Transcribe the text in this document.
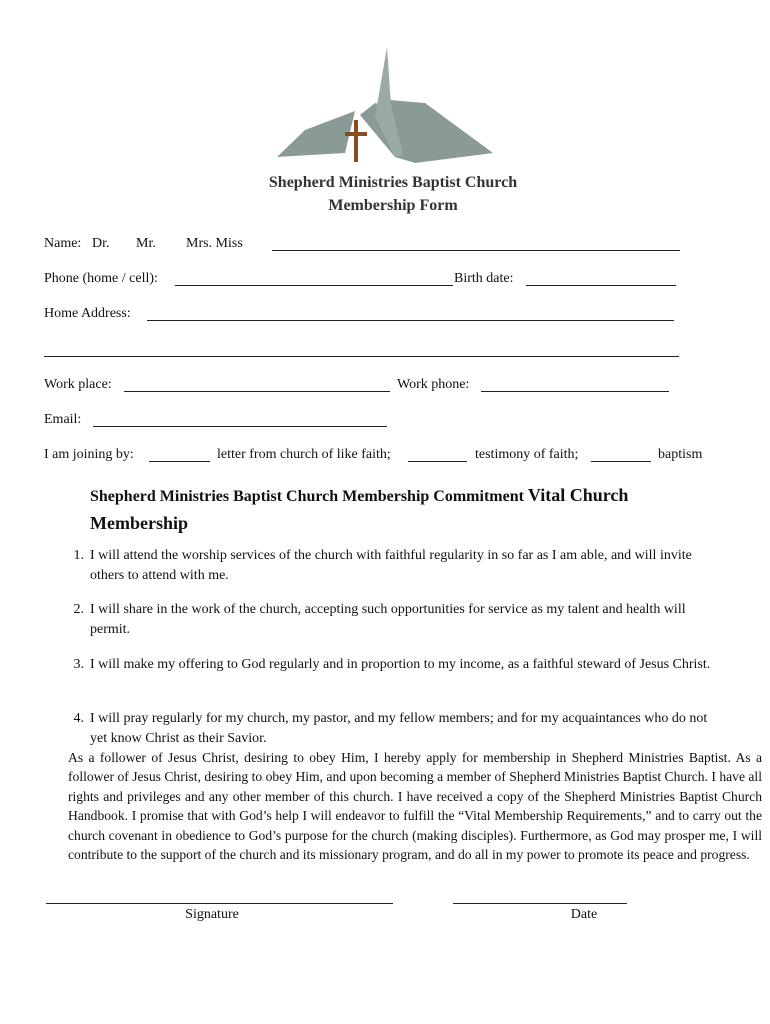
Shepherd Ministries Baptist Church
Membership Form
Name: Dr. Mr. Mrs. Miss
Phone (home / cell):	Birth date:
Home Address:
Work place:	Work phone:
Email:
I am joining by:	letter from church of like faith;	testimony of faith;	baptism
Shepherd Ministries Baptist Church Membership Commitment Vital Church
Membership
1. I will attend the worship services of the church with faithful regularity in so far as I am able, and will invite others to attend with me.
2. I will share in the work of the church, accepting such opportunities for service as my talent and health will permit.
3. I will make my offering to God regularly and in proportion to my income, as a faithful steward of Jesus Christ.
4. I will pray regularly for my church, my pastor, and my fellow members; and for my acquaintances who do not yet know Christ as their Savior.
As a follower of Jesus Christ, desiring to obey Him, I hereby apply for membership in Shepherd Ministries Baptist. As a follower of Jesus Christ, desiring to obey Him, and upon becoming a member of Shepherd Ministries Baptist Church. I have all rights and privileges and any other member of this church. I have received a copy of the Shepherd Ministries Baptist Church Handbook. I promise that with God’s help I will endeavor to fulfill the “Vital Membership Requirements,” and to carry out the church covenant in obedience to God’s purpose for the church (making disciples). Furthermore, as God may prosper me, I will contribute to the support of the church and its missionary program, and do all in my power to promote its peace and progress.
Signature	Date
